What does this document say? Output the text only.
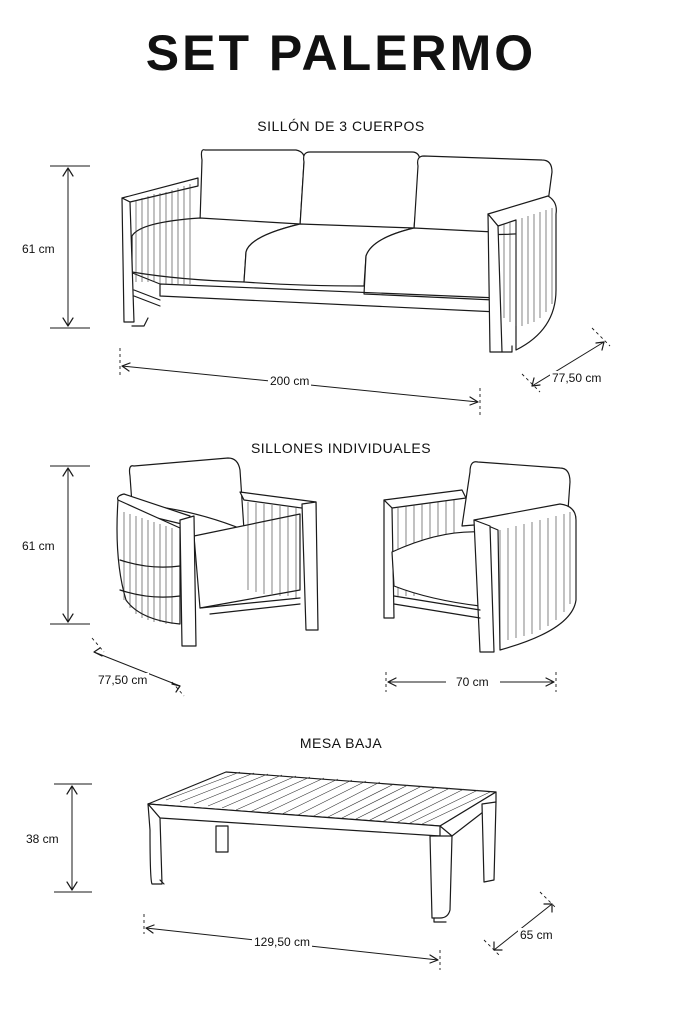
SET PALERMO
SILLÓN DE 3 CUERPOS
SILLONES INDIVIDUALES
MESA BAJA
61 cm
200 cm	77,50 cm
61 cm
77,50 cm	70 cm
38 cm
129,50 cm	65 cm
